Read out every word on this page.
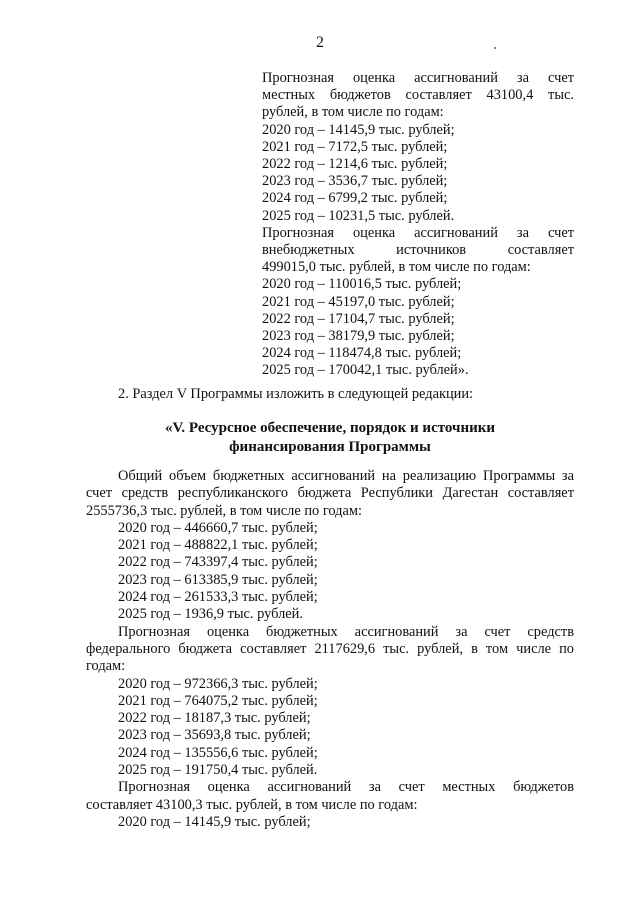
2
Прогнозная оценка ассигнований за счет
местных бюджетов составляет 43100,4 тыс.
рублей, в том числе по годам:
2020 год – 14145,9 тыс. рублей;
2021 год – 7172,5 тыс. рублей;
2022 год – 1214,6 тыс. рублей;
2023 год – 3536,7 тыс. рублей;
2024 год – 6799,2 тыс. рублей;
2025 год – 10231,5 тыс. рублей.
Прогнозная оценка ассигнований за счет
внебюджетных источников составляет
499015,0 тыс. рублей, в том числе по годам:
2020 год – 110016,5 тыс. рублей;
2021 год – 45197,0 тыс. рублей;
2022 год – 17104,7 тыс. рублей;
2023 год – 38179,9 тыс. рублей;
2024 год – 118474,8 тыс. рублей;
2025 год – 170042,1 тыс. рублей».
2. Раздел V Программы изложить в следующей редакции:
«V. Ресурсное обеспечение, порядок и источники
финансирования Программы
Общий объем бюджетных ассигнований на реализацию Программы за
счет средств республиканского бюджета Республики Дагестан составляет
2555736,3 тыс. рублей, в том числе по годам:
2020 год – 446660,7 тыс. рублей;
2021 год – 488822,1 тыс. рублей;
2022 год – 743397,4 тыс. рублей;
2023 год – 613385,9 тыс. рублей;
2024 год – 261533,3 тыс. рублей;
2025 год – 1936,9 тыс. рублей.
Прогнозная оценка бюджетных ассигнований за счет средств
федерального бюджета составляет 2117629,6 тыс. рублей, в том числе по
годам:
2020 год – 972366,3 тыс. рублей;
2021 год – 764075,2 тыс. рублей;
2022 год – 18187,3 тыс. рублей;
2023 год – 35693,8 тыс. рублей;
2024 год – 135556,6 тыс. рублей;
2025 год – 191750,4 тыс. рублей.
Прогнозная оценка ассигнований за счет местных бюджетов
составляет 43100,3 тыс. рублей, в том числе по годам:
2020 год – 14145,9 тыс. рублей;
